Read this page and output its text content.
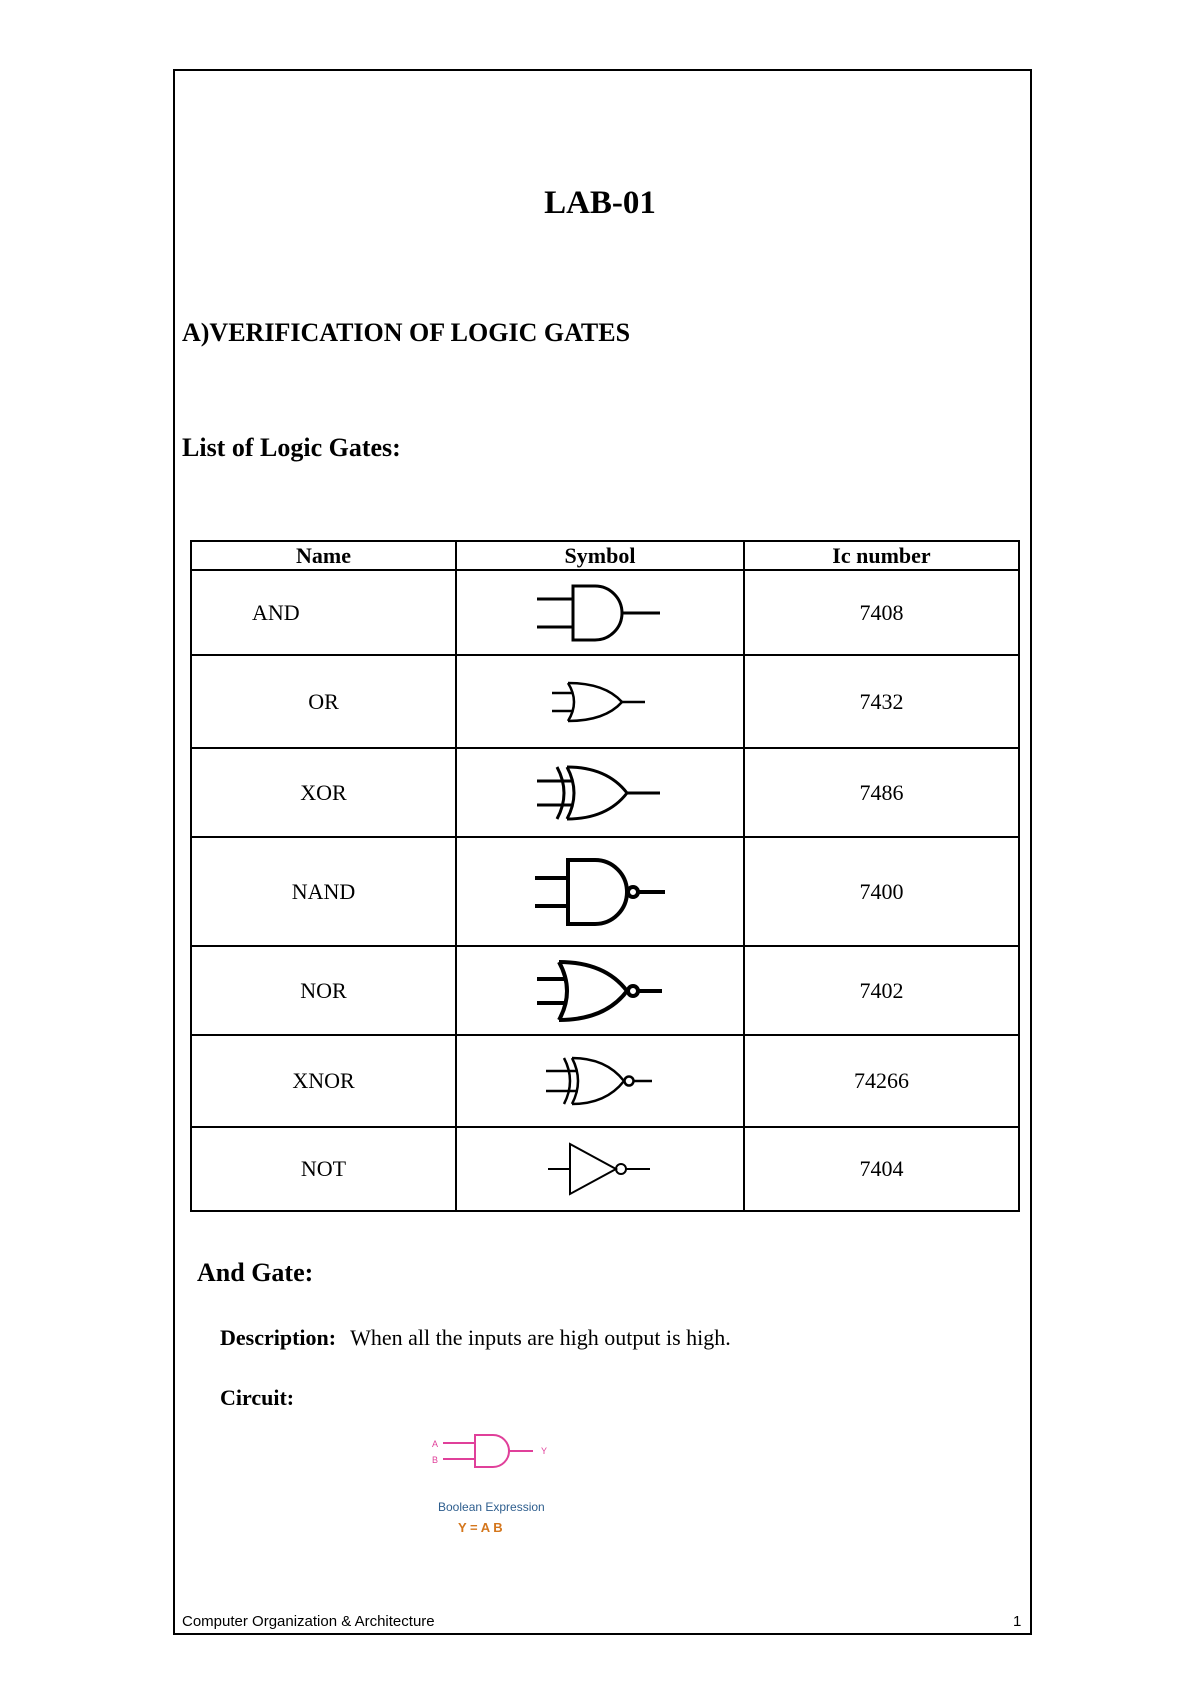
LAB-01
A)VERIFICATION OF LOGIC GATES
List of Logic Gates:
Name	Symbol	Ic number
AND		7408
OR		7432
XOR		7486
NAND		7400
NOR		7402
XNOR		74266
NOT		7404
And Gate:
Description: When all the inputs are high output is high.
Circuit:
A
B
Y
Boolean Expression
Y = A B
Computer Organization & Architecture	1
